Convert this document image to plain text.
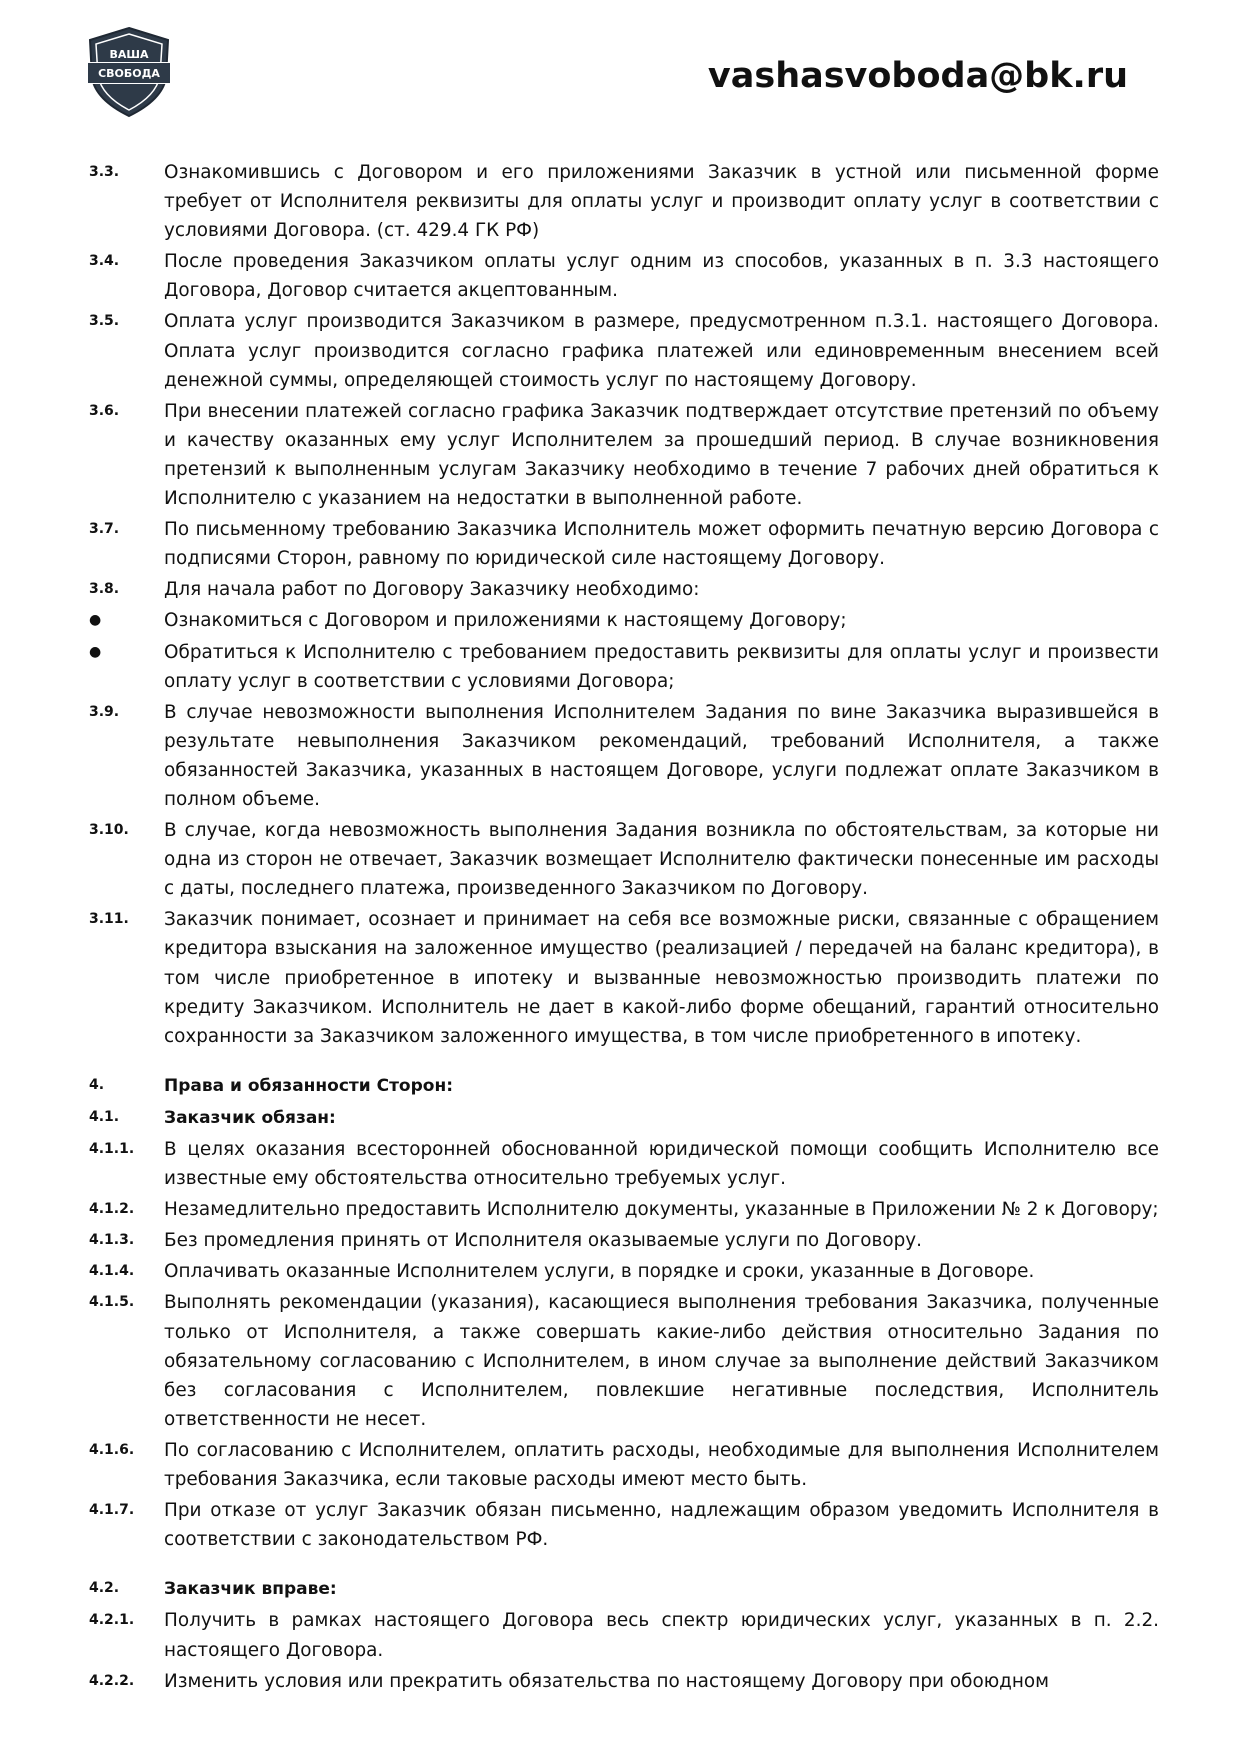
ВАША
СВОБОДА	vashasvoboda@bk.ru
3.3. Ознакомившись с Договором и его приложениями Заказчик в устной или письменной форме требует от Исполнителя реквизиты для оплаты услуг и производит оплату услуг в соответствии с условиями Договора. (ст. 429.4 ГК РФ)
3.4. После проведения Заказчиком оплаты услуг одним из способов, указанных в п. 3.3 настоящего Договора, Договор считается акцептованным.
3.5. Оплата услуг производится Заказчиком в размере, предусмотренном п.3.1. настоящего Договора. Оплата услуг производится согласно графика платежей или единовременным внесением всей денежной суммы, определяющей стоимость услуг по настоящему Договору.
3.6. При внесении платежей согласно графика Заказчик подтверждает отсутствие претензий по объему и качеству оказанных ему услуг Исполнителем за прошедший период. В случае возникновения претензий к выполненным услугам Заказчику необходимо в течение 7 рабочих дней обратиться к Исполнителю с указанием на недостатки в выполненной работе.
3.7. По письменному требованию Заказчика Исполнитель может оформить печатную версию Договора с подписями Сторон, равному по юридической силе настоящему Договору.
3.8. Для начала работ по Договору Заказчику необходимо:
●	Ознакомиться с Договором и приложениями к настоящему Договору;
●	Обратиться к Исполнителю с требованием предоставить реквизиты для оплаты услуг и произвести оплату услуг в соответствии с условиями Договора;
3.9. В случае невозможности выполнения Исполнителем Задания по вине Заказчика выразившейся в результате невыполнения Заказчиком рекомендаций, требований Исполнителя, а также обязанностей Заказчика, указанных в настоящем Договоре, услуги подлежат оплате Заказчиком в полном объеме.
3.10. В случае, когда невозможность выполнения Задания возникла по обстоятельствам, за которые ни одна из сторон не отвечает, Заказчик возмещает Исполнителю фактически понесенные им расходы с даты, последнего платежа, произведенного Заказчиком по Договору.
3.11. Заказчик понимает, осознает и принимает на себя все возможные риски, связанные с обращением кредитора взыскания на заложенное имущество (реализацией / передачей на баланс кредитора), в том числе приобретенное в ипотеку и вызванные невозможностью производить платежи по кредиту Заказчиком. Исполнитель не дает в какой-либо форме обещаний, гарантий относительно сохранности за Заказчиком заложенного имущества, в том числе приобретенного в ипотеку.
4.	Права и обязанности Сторон:
4.1.	Заказчик обязан:
4.1.1. В целях оказания всесторонней обоснованной юридической помощи сообщить Исполнителю все известные ему обстоятельства относительно требуемых услуг.
4.1.2. Незамедлительно предоставить Исполнителю документы, указанные в Приложении № 2 к Договору;
4.1.3. Без промедления принять от Исполнителя оказываемые услуги по Договору.
4.1.4. Оплачивать оказанные Исполнителем услуги, в порядке и сроки, указанные в Договоре.
4.1.5. Выполнять рекомендации (указания), касающиеся выполнения требования Заказчика, полученные только от Исполнителя, а также совершать какие-либо действия относительно Задания по обязательному согласованию с Исполнителем, в ином случае за выполнение действий Заказчиком без согласования с Исполнителем, повлекшие негативные последствия, Исполнитель ответственности не несет.
4.1.6. По согласованию с Исполнителем, оплатить расходы, необходимые для выполнения Исполнителем требования Заказчика, если таковые расходы имеют место быть.
4.1.7. При отказе от услуг Заказчик обязан письменно, надлежащим образом уведомить Исполнителя в соответствии с законодательством РФ.
4.2.	Заказчик вправе:
4.2.1. Получить в рамках настоящего Договора весь спектр юридических услуг, указанных в п. 2.2. настоящего Договора.
4.2.2. Изменить условия или прекратить обязательства по настоящему Договору при обоюдном
